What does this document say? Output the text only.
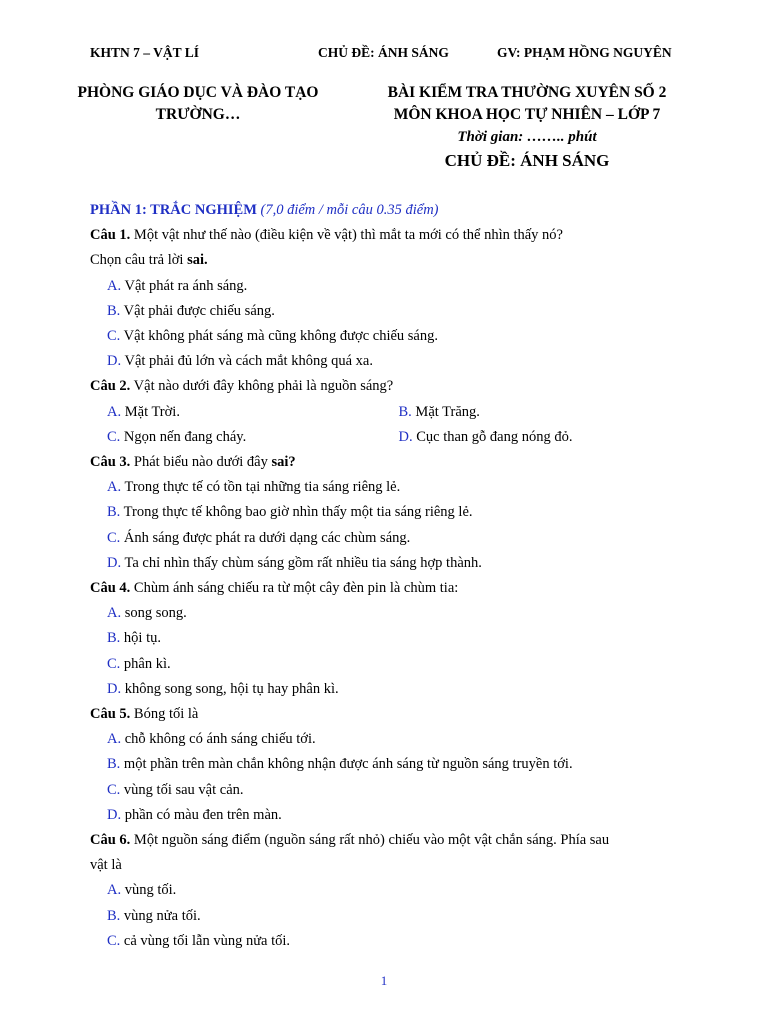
KHTN 7 – VẬT LÍ	CHỦ ĐỀ: ÁNH SÁNG	GV: PHẠM HỒNG NGUYÊN
PHÒNG GIÁO DỤC VÀ ĐÀO TẠO
TRƯỜNG…
BÀI KIỂM TRA THƯỜNG XUYÊN SỐ 2
MÔN KHOA HỌC TỰ NHIÊN – LỚP 7
Thời gian: …….. phút
CHỦ ĐỀ: ÁNH SÁNG
PHẦN 1: TRẮC NGHIỆM (7,0 điểm / mỗi câu 0.35 điểm)
Câu 1. Một vật như thế nào (điều kiện về vật) thì mắt ta mới có thể nhìn thấy nó?
Chọn câu trả lời sai.
A. Vật phát ra ánh sáng.
B. Vật phải được chiếu sáng.
C. Vật không phát sáng mà cũng không được chiếu sáng.
D. Vật phải đủ lớn và cách mắt không quá xa.
Câu 2. Vật nào dưới đây không phải là nguồn sáng?
A. Mặt Trời.	B. Mặt Trăng.
C. Ngọn nến đang cháy.	D. Cục than gỗ đang nóng đỏ.
Câu 3. Phát biểu nào dưới đây sai?
A. Trong thực tế có tồn tại những tia sáng riêng lẻ.
B. Trong thực tế không bao giờ nhìn thấy một tia sáng riêng lẻ.
C. Ánh sáng được phát ra dưới dạng các chùm sáng.
D. Ta chỉ nhìn thấy chùm sáng gồm rất nhiều tia sáng hợp thành.
Câu 4. Chùm ánh sáng chiếu ra từ một cây đèn pin là chùm tia:
A. song song.
B. hội tụ.
C. phân kì.
D. không song song, hội tụ hay phân kì.
Câu 5. Bóng tối là
A. chỗ không có ánh sáng chiếu tới.
B. một phần trên màn chắn không nhận được ánh sáng từ nguồn sáng truyền tới.
C. vùng tối sau vật cản.
D. phần có màu đen trên màn.
Câu 6. Một nguồn sáng điểm (nguồn sáng rất nhỏ) chiếu vào một vật chắn sáng. Phía sau
vật là
A. vùng tối.
B. vùng nửa tối.
C. cả vùng tối lẫn vùng nửa tối.
1
